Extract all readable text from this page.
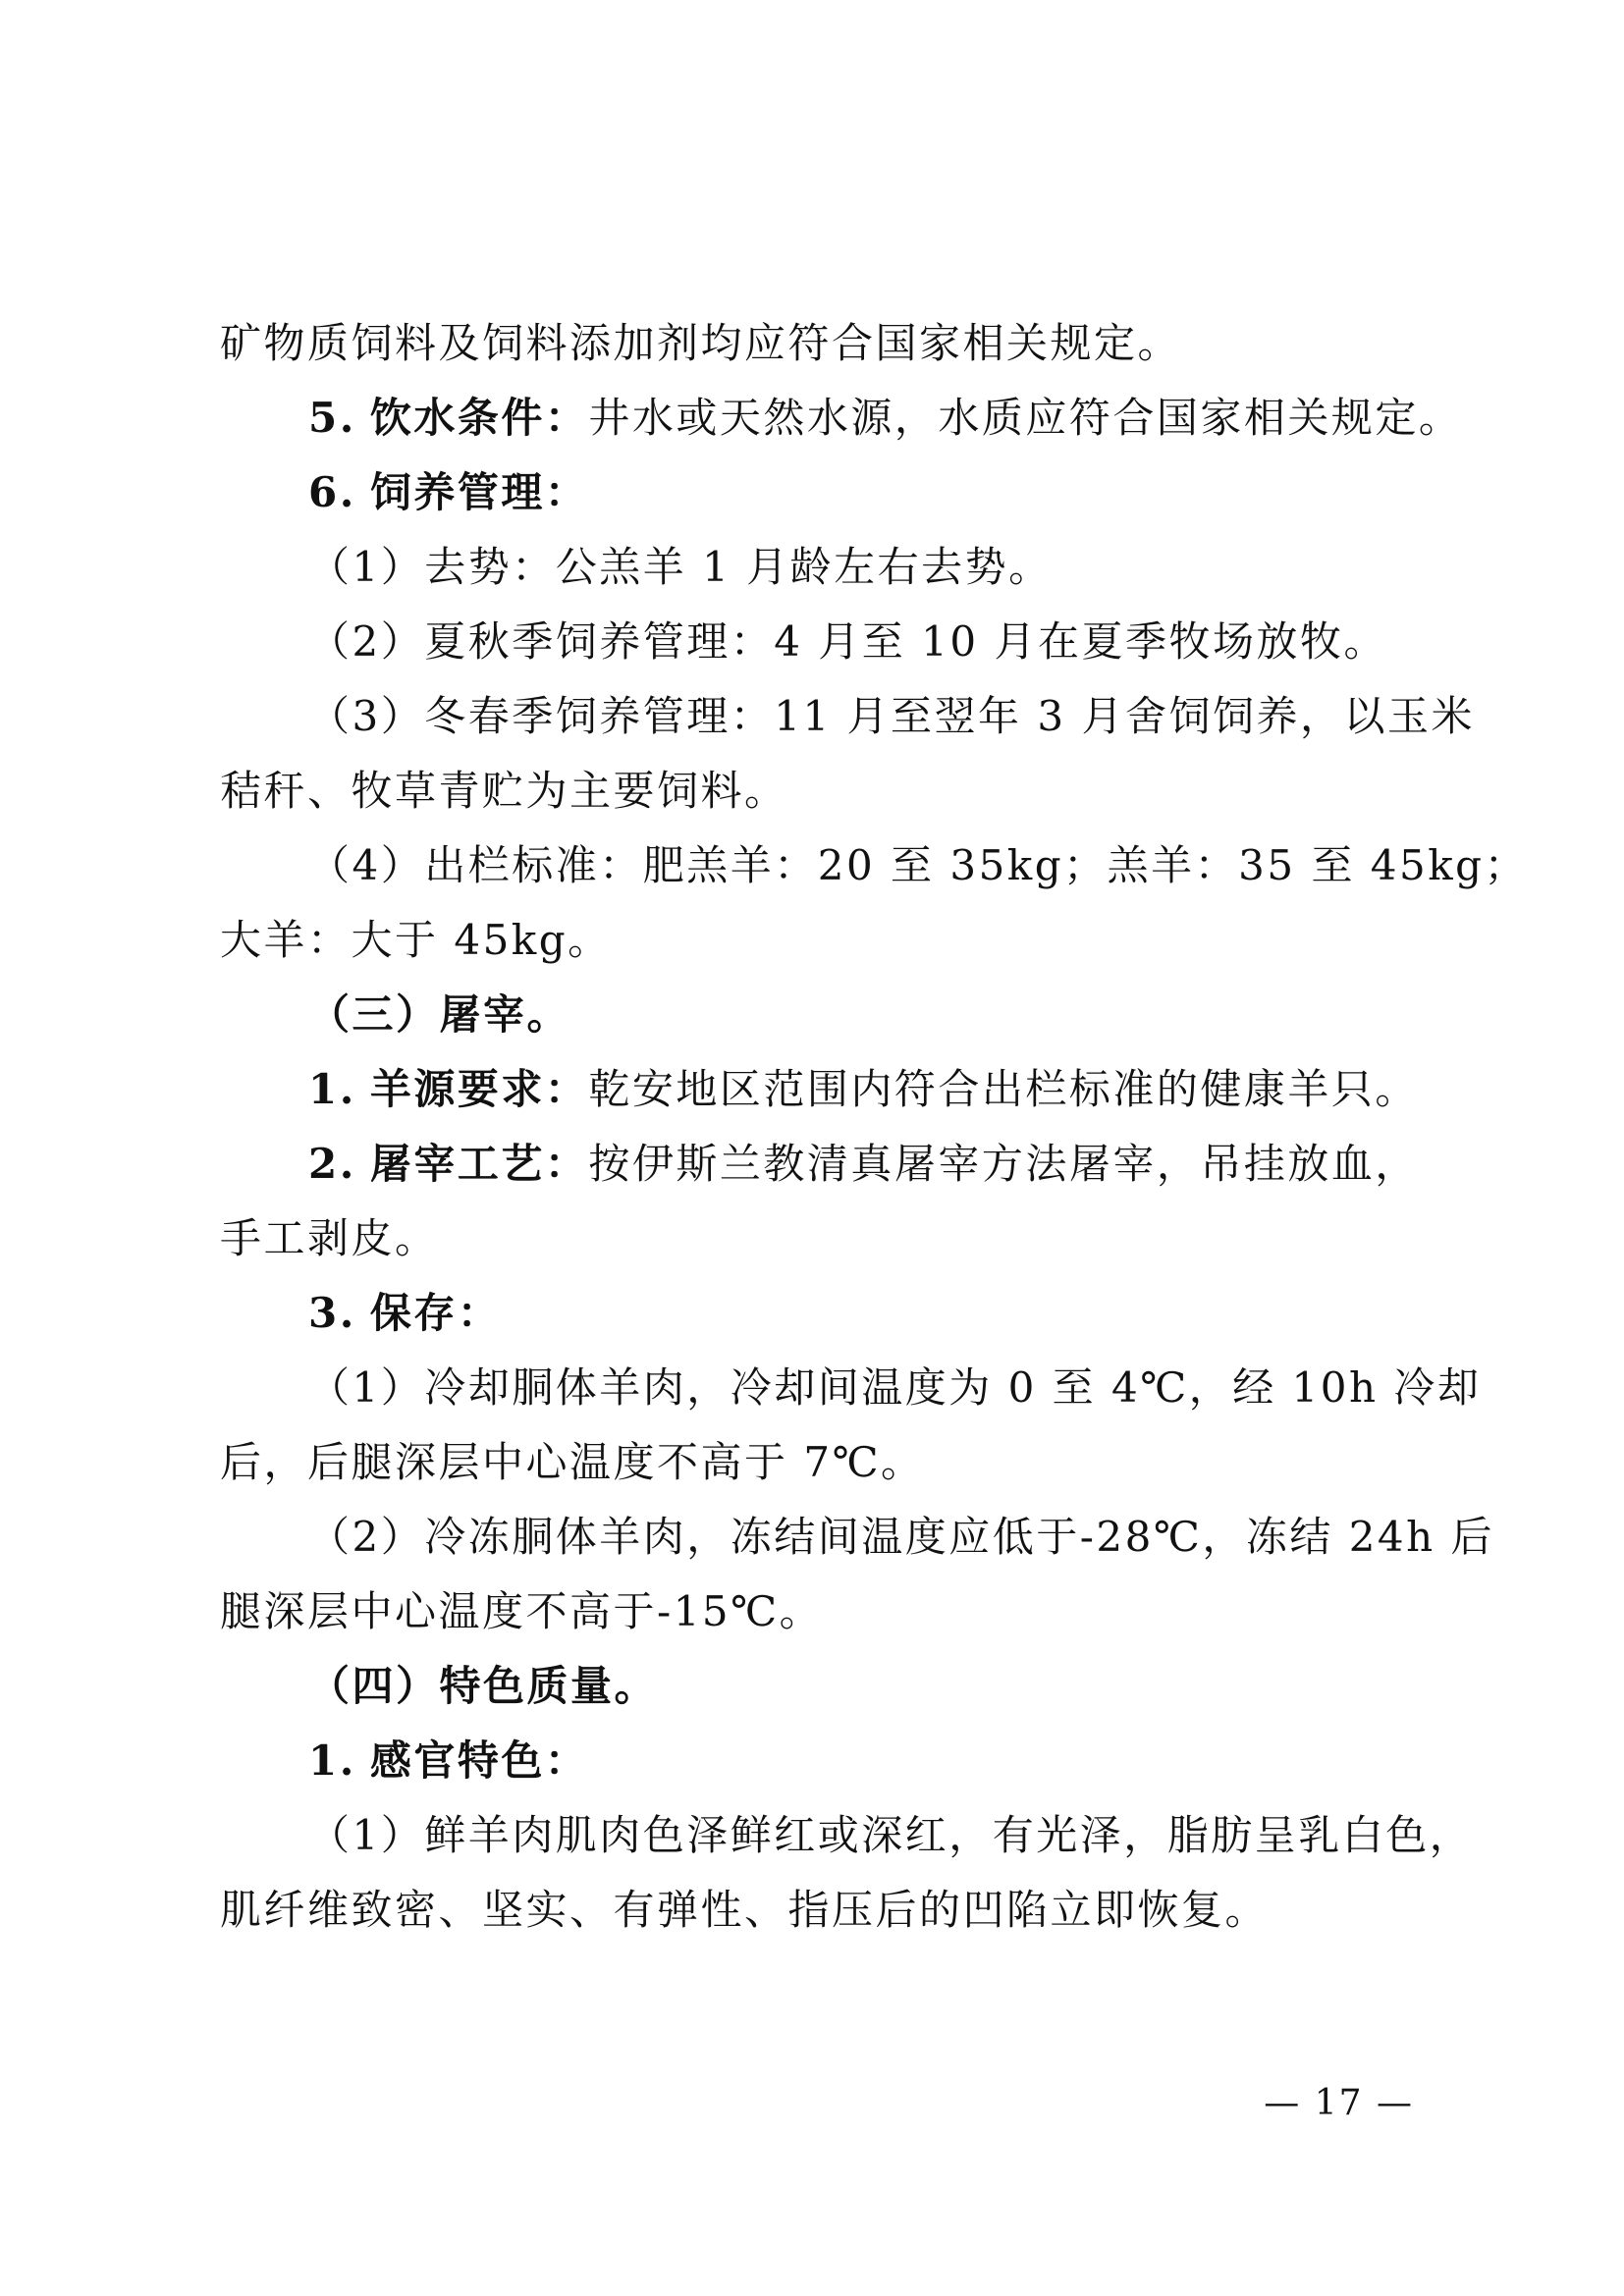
矿物质饲料及饲料添加剂均应符合国家相关规定。
5. 饮水条件：井水或天然水源，水质应符合国家相关规定。
6. 饲养管理：
（1）去势：公羔羊 1 月龄左右去势。
（2）夏秋季饲养管理：4 月至 10 月在夏季牧场放牧。
（3）冬春季饲养管理：11 月至翌年 3 月舍饲饲养，以玉米
秸秆、牧草青贮为主要饲料。
（4）出栏标准：肥羔羊：20 至 35kg；羔羊：35 至 45kg；
大羊：大于 45kg。
（三）屠宰。
1. 羊源要求：乾安地区范围内符合出栏标准的健康羊只。
2. 屠宰工艺：按伊斯兰教清真屠宰方法屠宰，吊挂放血，
手工剥皮。
3. 保存：
（1）冷却胴体羊肉，冷却间温度为 0 至 4℃，经 10h 冷却
后，后腿深层中心温度不高于 7℃。
（2）冷冻胴体羊肉，冻结间温度应低于-28℃，冻结 24h 后
腿深层中心温度不高于-15℃。
（四）特色质量。
1. 感官特色：
（1）鲜羊肉肌肉色泽鲜红或深红，有光泽，脂肪呈乳白色，
肌纤维致密、坚实、有弹性、指压后的凹陷立即恢复。
— 17 —
